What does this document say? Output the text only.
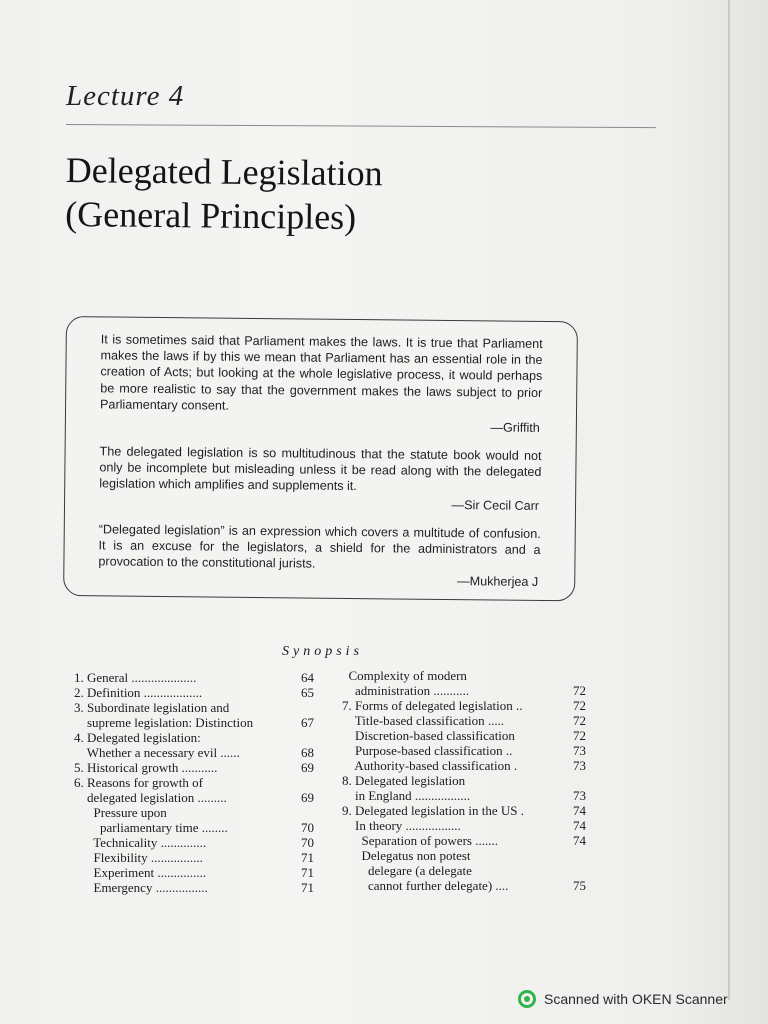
Lecture 4
Delegated Legislation
(General Principles)

It is sometimes said that Parliament makes the laws. It is true that Parliament makes the laws if by this we mean that Parliament has an essential role in the creation of Acts; but looking at the whole legislative process, it would perhaps be more realistic to say that the government makes the laws subject to prior Parliamentary consent.

—Griffith

The delegated legislation is so multitudinous that the statute book would not only be incomplete but misleading unless it be read along with the delegated legislation which amplifies and supplements it.

—Sir Cecil Carr

“Delegated legislation” is an expression which covers a multitude of confusion. It is an excuse for the legislators, a shield for the administrators and a provocation to the constitutional jurists.

—Mukherjea J
Synopsis
1. General ....................	64
2. Definition ..................	65
3. Subordinate legislation and
supreme legislation: Distinction	67
4. Delegated legislation:
Whether a necessary evil ......	68
5. Historical growth ...........	69
6. Reasons for growth of
delegated legislation .........	69
Pressure upon
parliamentary time ........	70
Technicality ..............	70
Flexibility ................	71
Experiment ...............	71
Emergency ................	71
Complexity of modern
administration ...........	72
7. Forms of delegated legislation ..	72
Title-based classification .....	72
Discretion-based classification	72
Purpose-based classification ..	73
Authority-based classification .	73
8. Delegated legislation
in England .................	73
9. Delegated legislation in the US .	74
In theory .................	74
Separation of powers .......	74
Delegatus non potest
delegare (a delegate
cannot further delegate) ....	75
Scanned with OKEN Scanner
